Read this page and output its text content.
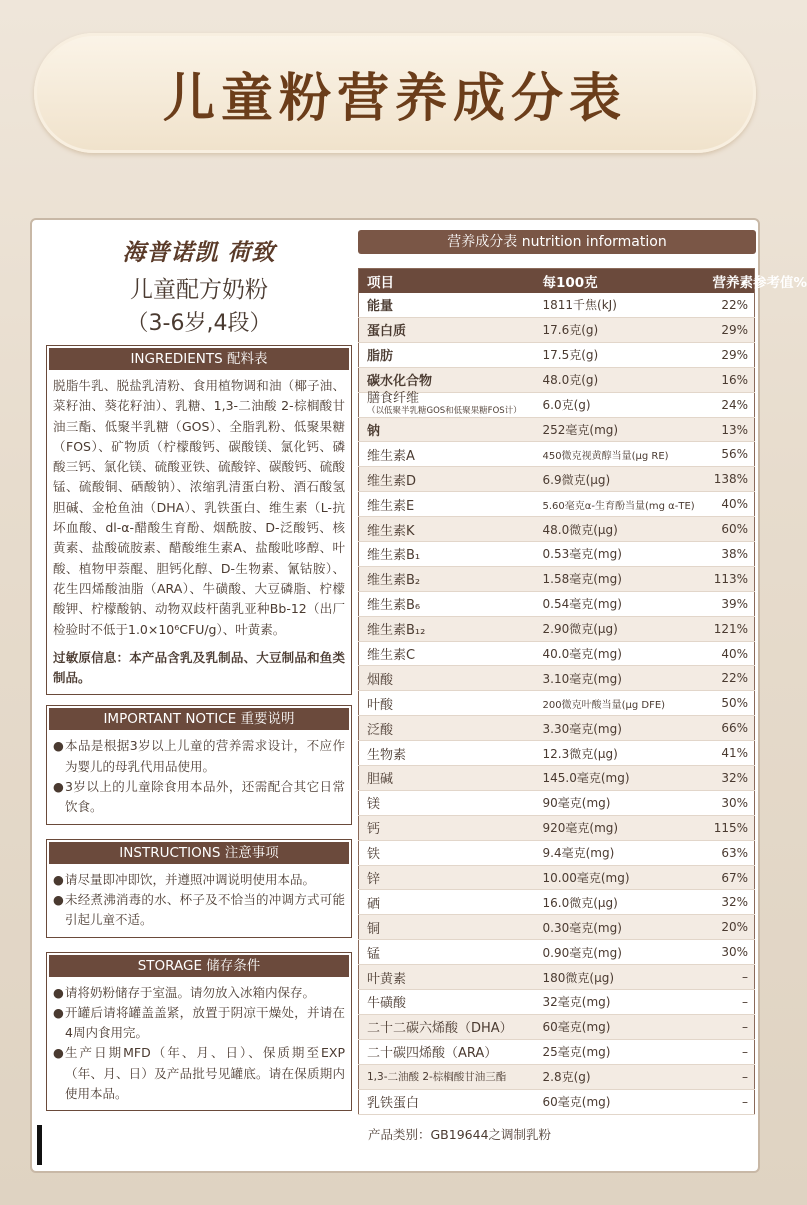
儿童粉营养成分表
海普诺凯 荷致
儿童配方奶粉
（3-6岁,4段）
INGREDIENTS 配料表
脱脂牛乳、脱盐乳清粉、食用植物调和油（椰子油、菜籽油、葵花籽油）、乳糖、1,3-二油酸 2-棕榈酸甘油三酯、低聚半乳糖（GOS）、全脂乳粉、低聚果糖（FOS）、矿物质（柠檬酸钙、碳酸镁、氯化钙、磷酸三钙、氯化镁、硫酸亚铁、硫酸锌、碳酸钙、硫酸锰、硫酸铜、硒酸钠）、浓缩乳清蛋白粉、酒石酸氢胆碱、金枪鱼油（DHA）、乳铁蛋白、维生素（L-抗坏血酸、dl-α-醋酸生育酚、烟酰胺、D-泛酸钙、核黄素、盐酸硫胺素、醋酸维生素A、盐酸吡哆醇、叶酸、植物甲萘醌、胆钙化醇、D-生物素、氰钴胺）、花生四烯酸油脂（ARA）、牛磺酸、大豆磷脂、柠檬酸钾、柠檬酸钠、动物双歧杆菌乳亚种Bb-12（出厂检验时不低于1.0×10⁶CFU/g）、叶黄素。
过敏原信息：本产品含乳及乳制品、大豆制品和鱼类制品。
IMPORTANT NOTICE 重要说明
● 本品是根据3岁以上儿童的营养需求设计，不应作为婴儿的母乳代用品使用。
● 3岁以上的儿童除食用本品外，还需配合其它日常饮食。
INSTRUCTIONS 注意事项
● 请尽量即冲即饮，并遵照冲调说明使用本品。
● 未经煮沸消毒的水、杯子及不恰当的冲调方式可能引起儿童不适。
STORAGE 储存条件
● 请将奶粉储存于室温。请勿放入冰箱内保存。
● 开罐后请将罐盖盖紧，放置于阴凉干燥处，并请在4周内食用完。
● 生产日期MFD（年、月、日）、保质期至EXP（年、月、日）及产品批号见罐底。请在保质期内使用本品。
营养成分表 nutrition information
项目	每100克	营养素参考值%
能量	1811千焦(kJ)	22%
蛋白质	17.6克(g)	29%
脂肪	17.5克(g)	29%
碳水化合物	48.0克(g)	16%
膳食纤维
（以低聚半乳糖GOS和低聚果糖FOS计）	6.0克(g)	24%
钠	252毫克(mg)	13%
维生素A	450微克视黄醇当量(μg RE)	56%
维生素D	6.9微克(μg)	138%
维生素E	5.60毫克α-生育酚当量(mg α-TE)	40%
维生素K	48.0微克(μg)	60%
维生素B₁	0.53毫克(mg)	38%
维生素B₂	1.58毫克(mg)	113%
维生素B₆	0.54毫克(mg)	39%
维生素B₁₂	2.90微克(μg)	121%
维生素C	40.0毫克(mg)	40%
烟酸	3.10毫克(mg)	22%
叶酸	200微克叶酸当量(μg DFE)	50%
泛酸	3.30毫克(mg)	66%
生物素	12.3微克(μg)	41%
胆碱	145.0毫克(mg)	32%
镁	90毫克(mg)	30%
钙	920毫克(mg)	115%
铁	9.4毫克(mg)	63%
锌	10.00毫克(mg)	67%
硒	16.0微克(μg)	32%
铜	0.30毫克(mg)	20%
锰	0.90毫克(mg)	30%
叶黄素	180微克(μg)	–
牛磺酸	32毫克(mg)	–
二十二碳六烯酸（DHA）	60毫克(mg)	–
二十碳四烯酸（ARA）	25毫克(mg)	–
1,3-二油酸 2-棕榈酸甘油三酯	2.8克(g)	–
乳铁蛋白	60毫克(mg)	–
产品类别：GB19644之调制乳粉
